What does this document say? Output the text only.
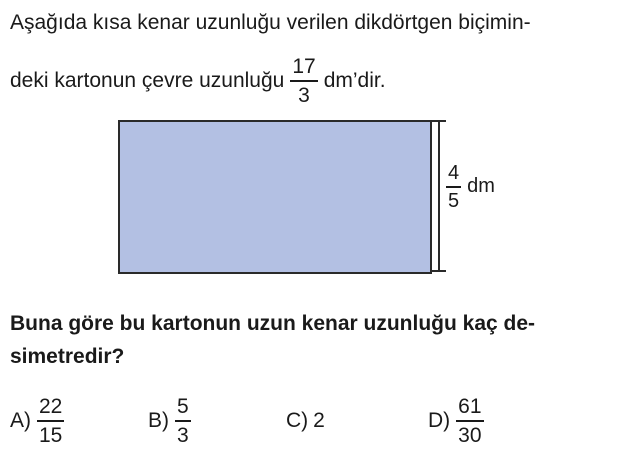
Aşağıda kısa kenar uzunluğu verilen dikdörtgen biçimin-
deki kartonun çevre uzunluğu $\frac{17}{3}$ dm’dir.
$\frac{4}{5}$ dm
Buna göre bu kartonun uzun kenar uzunluğu kaç de-
simetredir?
$A) \frac{22}{15}$	$B) \frac{5}{3}$	C) 2	$D) \frac{61}{30}$
